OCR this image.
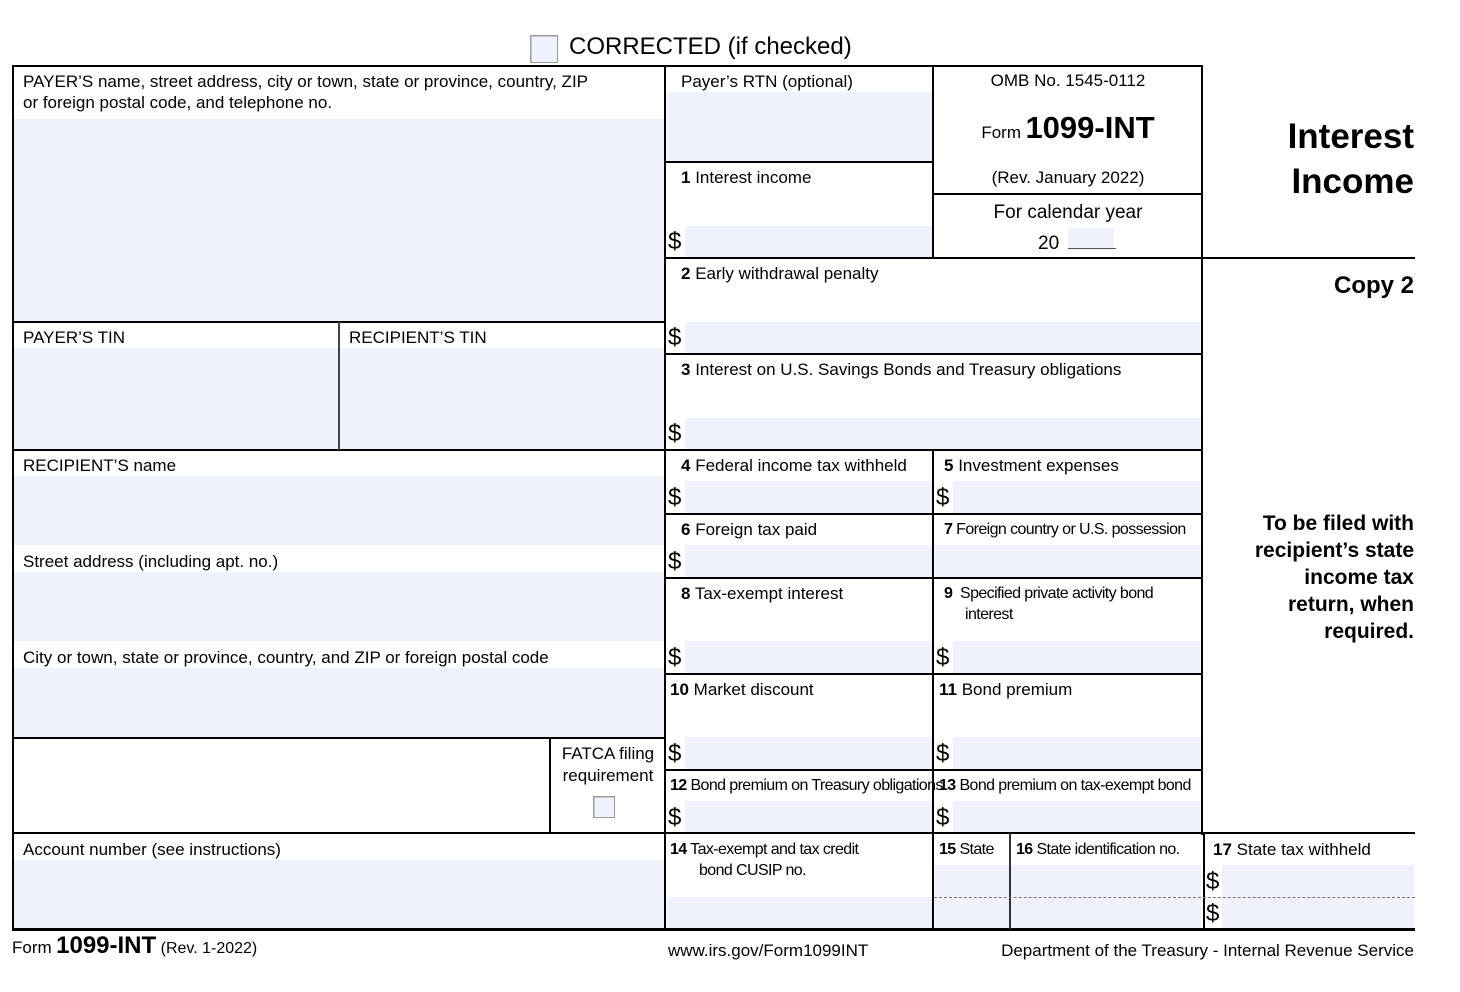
CORRECTED (if checked)
PAYER’S name, street address, city or town, state or province, country, ZIP
or foreign postal code, and telephone no.
PAYER’S TIN	RECIPIENT’S TIN
RECIPIENT’S name
Street address (including apt. no.)
City or town, state or province, country, and ZIP or foreign postal code
FATCA filing
requirement
Account number (see instructions)
Payer’s RTN (optional)
1 Interest income
$
2 Early withdrawal penalty
$
3 Interest on U.S. Savings Bonds and Treasury obligations
$
4 Federal income tax withheld
$
5 Investment expenses
$
6 Foreign tax paid
$
7 Foreign country or U.S. possession
8 Tax-exempt interest
$
9 Specified private activity bond
interest
$
10 Market discount
$
11 Bond premium
$
12 Bond premium on Treasury obligations
$
13 Bond premium on tax-exempt bond
$
14 Tax-exempt and tax credit
bond CUSIP no.
15 State 16 State identification no. 17 State tax withheld
$
$
OMB No. 1545-0112
Form 1099-INT
(Rev. January 2022)
For calendar year
20
Interest
Income
Copy 2
To be filed with
recipient’s state
income tax
return, when
required.
Form 1099-INT (Rev. 1-2022)	www.irs.gov/Form1099INT	Department of the Treasury - Internal Revenue Service
